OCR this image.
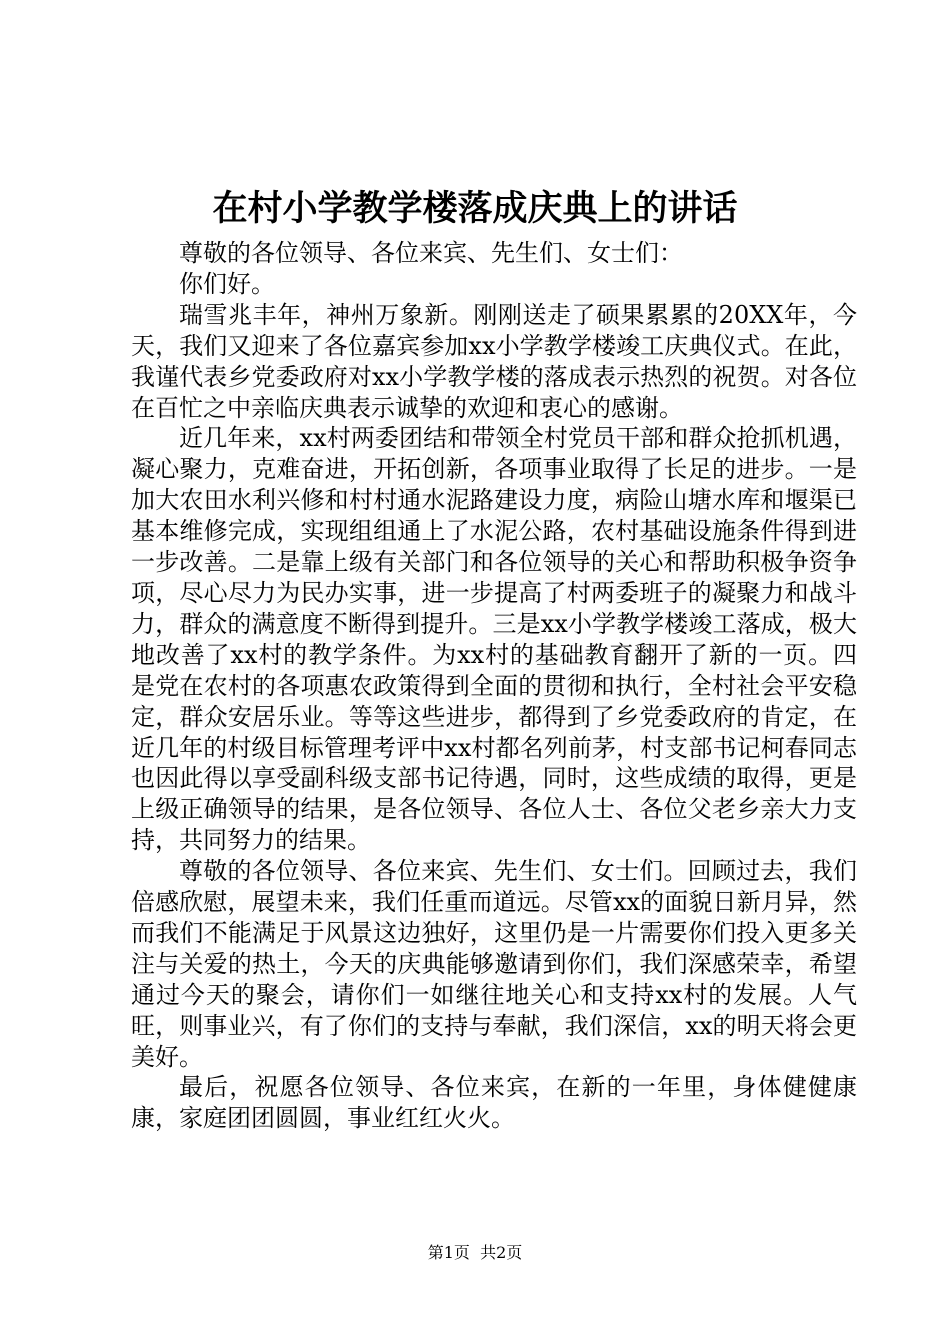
在村小学教学楼落成庆典上的讲话

尊敬的各位领导、各位来宾、先生们、女士们：

你们好。

瑞雪兆丰年，神州万象新。刚刚送走了硕果累累的20XX年，今天，我们又迎来了各位嘉宾参加xx小学教学楼竣工庆典仪式。在此，我谨代表乡党委政府对xx小学教学楼的落成表示热烈的祝贺。对各位在百忙之中亲临庆典表示诚挚的欢迎和衷心的感谢。

近几年来，xx村两委团结和带领全村党员干部和群众抢抓机遇，凝心聚力，克难奋进，开拓创新，各项事业取得了长足的进步。一是加大农田水利兴修和村村通水泥路建设力度，病险山塘水库和堰渠已基本维修完成，实现组组通上了水泥公路，农村基础设施条件得到进一步改善。二是靠上级有关部门和各位领导的关心和帮助积极争资争项，尽心尽力为民办实事，进一步提高了村两委班子的凝聚力和战斗力，群众的满意度不断得到提升。三是xx小学教学楼竣工落成，极大地改善了xx村的教学条件。为xx村的基础教育翻开了新的一页。四是党在农村的各项惠农政策得到全面的贯彻和执行，全村社会平安稳定，群众安居乐业。等等这些进步，都得到了乡党委政府的肯定，在近几年的村级目标管理考评中xx村都名列前茅，村支部书记柯春同志也因此得以享受副科级支部书记待遇，同时，这些成绩的取得，更是上级正确领导的结果，是各位领导、各位人士、各位父老乡亲大力支持，共同努力的结果。

尊敬的各位领导、各位来宾、先生们、女士们。回顾过去，我们倍感欣慰，展望未来，我们任重而道远。尽管xx的面貌日新月异，然而我们不能满足于风景这边独好，这里仍是一片需要你们投入更多关注与关爱的热土，今天的庆典能够邀请到你们，我们深感荣幸，希望通过今天的聚会，请你们一如继往地关心和支持xx村的发展。人气旺，则事业兴，有了你们的支持与奉献，我们深信，xx的明天将会更美好。

最后，祝愿各位领导、各位来宾，在新的一年里，身体健健康康，家庭团团圆圆，事业红红火火。

第1页  共2页
